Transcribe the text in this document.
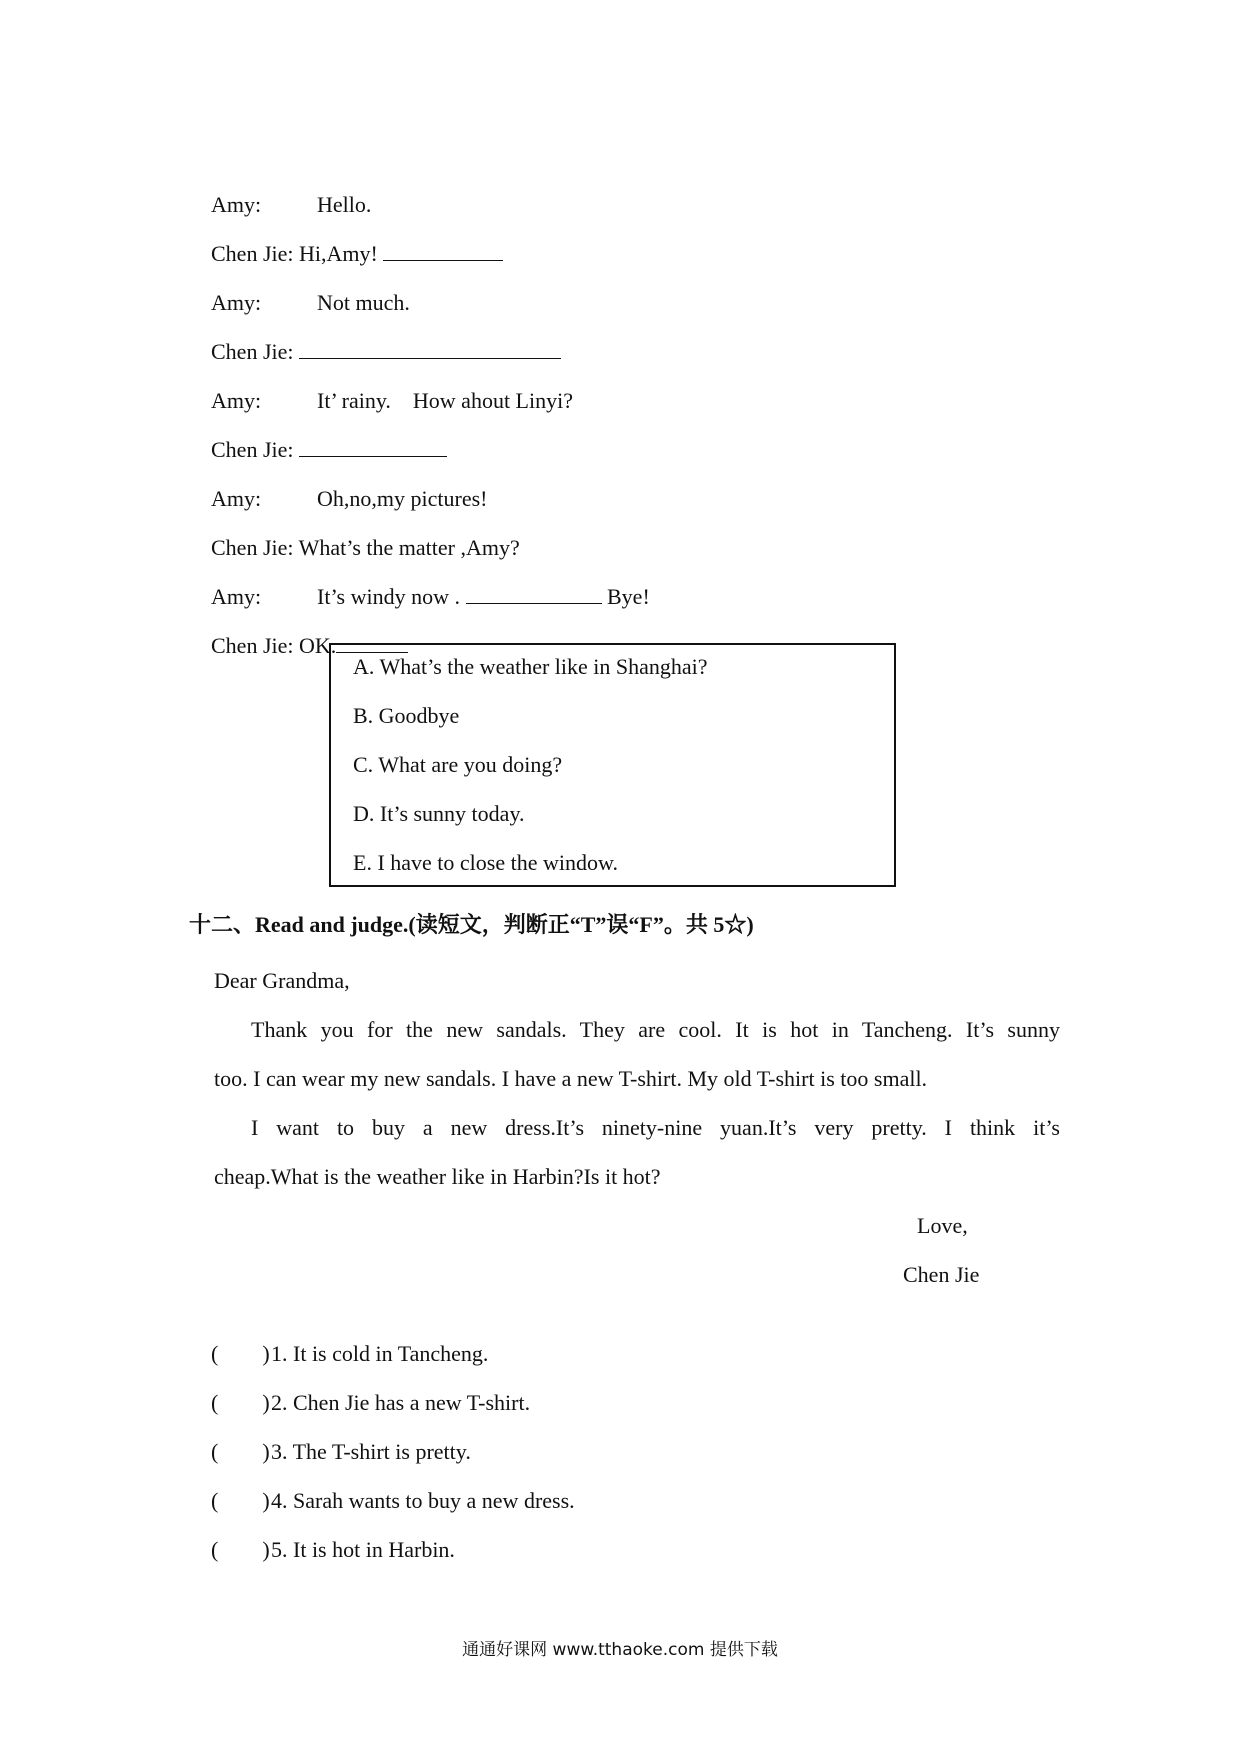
Amy:	Hello.

Chen Jie: Hi,Amy!

Amy:	Not much.

Chen Jie:

Amy:	It’ rainy.    How ahout Linyi?

Chen Jie:

Amy:	Oh,no,my pictures!

Chen Jie: What’s the matter ,Amy?

Amy:	It’s windy now .	Bye!

Chen Jie: OK.

A. What’s the weather like in Shanghai?
B. Goodbye
C. What are you doing?
D. It’s sunny today.
E. I have to close the window.
十二、Read and judge.(读短文，判断正“T”误“F”。共 5☆)
Dear Grandma,
Thank you for the new sandals. They are cool. It is hot in Tancheng. It’s sunny
too. I can wear my new sandals. I have a new T-shirt. My old T-shirt is too small.
I want to buy a new dress.It’s ninety-nine yuan.It’s very pretty. I think it’s
cheap.What is the weather like in Harbin?Is it hot?
Love,
Chen Jie

(        )1. It is cold in Tancheng.

(        )2. Chen Jie has a new T-shirt.

(        )3. The T-shirt is pretty.

(        )4. Sarah wants to buy a new dress.

(        )5. It is hot in Harbin.

通通好课网 www.tthaoke.com 提供下载
